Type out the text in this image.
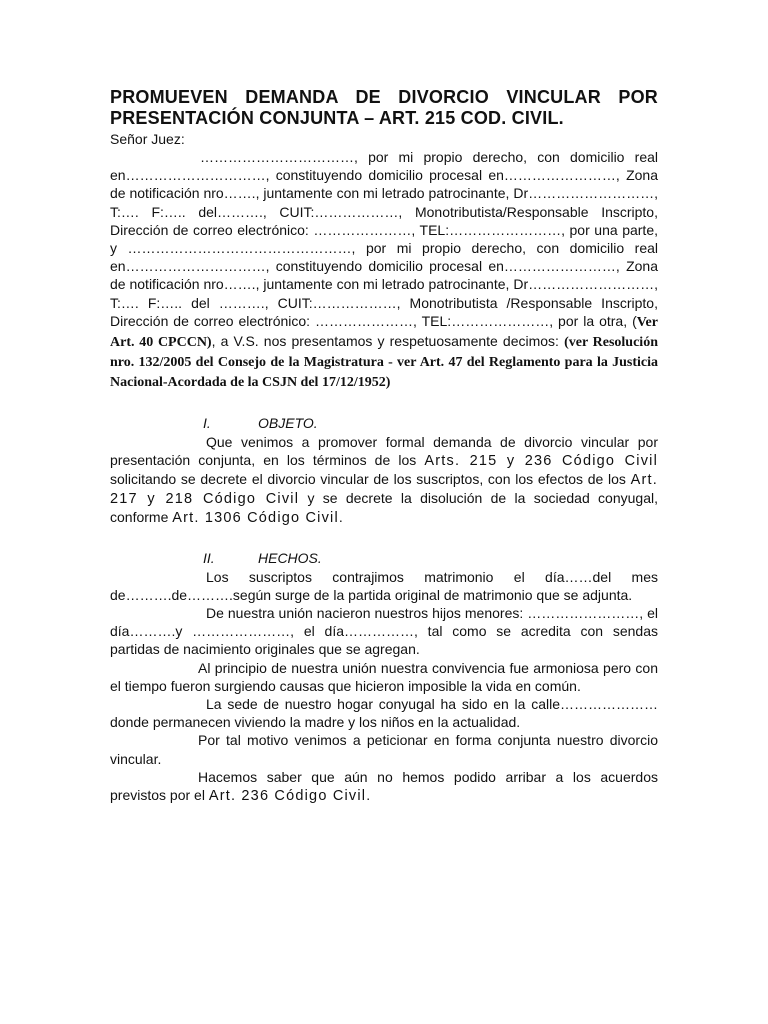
PROMUEVEN DEMANDA DE DIVORCIO VINCULAR POR
PRESENTACIÓN CONJUNTA – ART. 215 COD. CIVIL.

Señor Juez:

……………………………, por mi propio derecho, con domicilio real en…………………………, constituyendo domicilio procesal en……………………, Zona de notificación nro……., juntamente con mi letrado patrocinante, Dr………………………, T:…. F:….. del………., CUIT:………………, Monotributista/Responsable Inscripto, Dirección de correo electrónico: …………………, TEL:……………………, por una parte, y …………………………………………, por mi propio derecho, con domicilio real en…………………………, constituyendo domicilio procesal en……………………, Zona de notificación nro……., juntamente con mi letrado patrocinante, Dr………………………, T:…. F:….. del ………., CUIT:………………, Monotributista /Responsable Inscripto, Dirección de correo electrónico: …………………, TEL:…………………, por la otra, (Ver Art. 40 CPCCN), a V.S. nos presentamos y respetuosamente decimos: (ver Resolución nro. 132/2005 del Consejo de la Magistratura - ver Art. 47 del Reglamento para la Justicia Nacional-Acordada de la CSJN del 17/12/1952)

I.	OBJETO.

Que venimos a promover formal demanda de divorcio vincular por presentación conjunta, en los términos de los Arts. 215 y 236 Código Civil solicitando se decrete el divorcio vincular de los suscriptos, con los efectos de los Art. 217 y 218 Código Civil y se decrete la disolución de la sociedad conyugal, conforme Art. 1306 Código Civil.

II.	HECHOS.

Los suscriptos contrajimos matrimonio el día……del mes de……….de……….según surge de la partida original de matrimonio que se adjunta.

De nuestra unión nacieron nuestros hijos menores: ……………………, el día……….y …………………, el día……………, tal como se acredita con sendas partidas de nacimiento originales que se agregan.

Al principio de nuestra unión nuestra convivencia fue armoniosa pero con el tiempo fueron surgiendo causas que hicieron imposible la vida en común.

La sede de nuestro hogar conyugal ha sido en la calle…………………donde permanecen viviendo la madre y los niños en la actualidad.

Por tal motivo venimos a peticionar en forma conjunta nuestro divorcio vincular.

Hacemos saber que aún no hemos podido arribar a los acuerdos previstos por el Art. 236 Código Civil.
